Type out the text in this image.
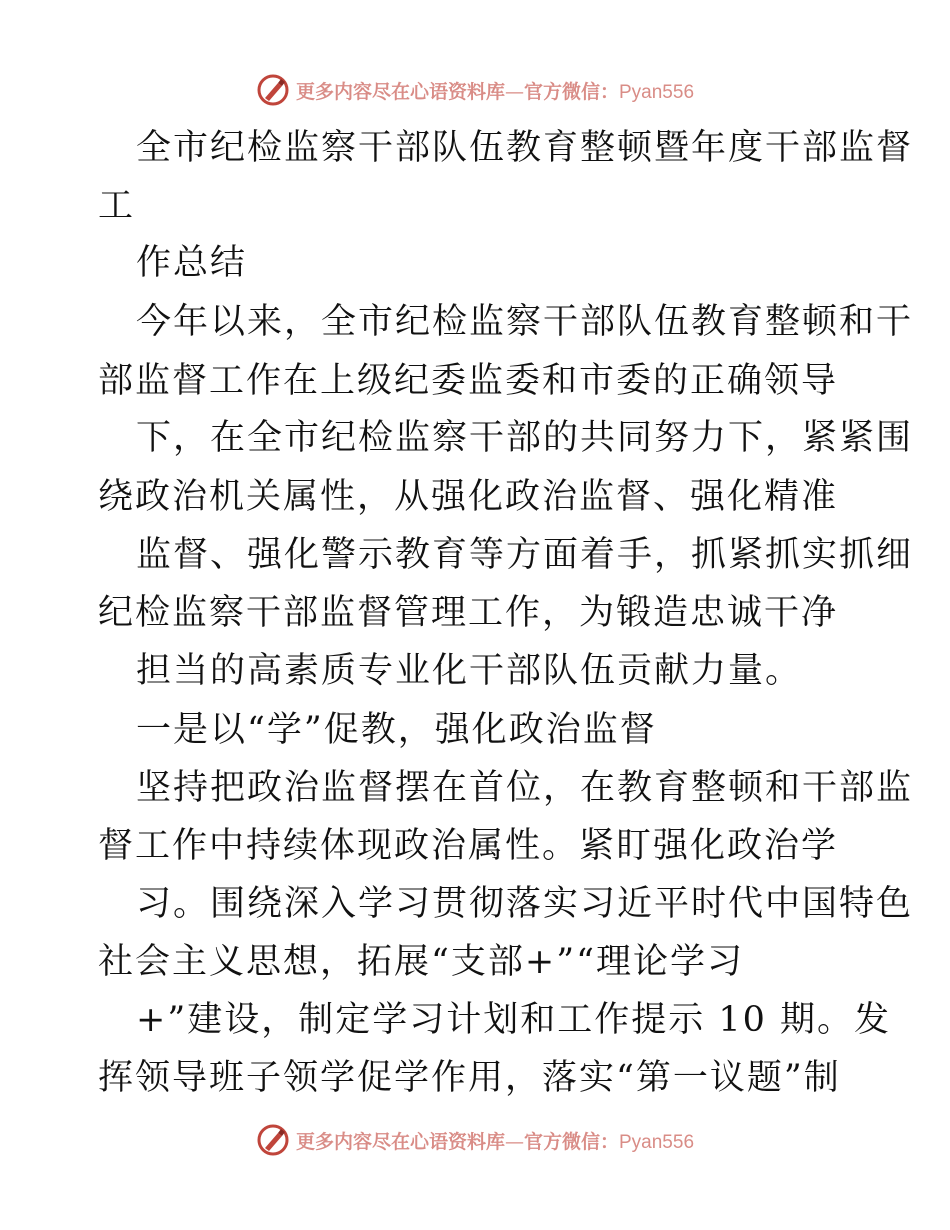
更多内容尽在心语资料库—官方微信：Pyan556
全市纪检监察干部队伍教育整顿暨年度干部监督
工
作总结
今年以来，全市纪检监察干部队伍教育整顿和干
部监督工作在上级纪委监委和市委的正确领导
下，在全市纪检监察干部的共同努力下，紧紧围
绕政治机关属性，从强化政治监督、强化精准
监督、强化警示教育等方面着手，抓紧抓实抓细
纪检监察干部监督管理工作，为锻造忠诚干净
担当的高素质专业化干部队伍贡献力量。
一是以“学”促教，强化政治监督
坚持把政治监督摆在首位，在教育整顿和干部监
督工作中持续体现政治属性。紧盯强化政治学
习。围绕深入学习贯彻落实习近平时代中国特色
社会主义思想，拓展“支部+”“理论学习
+”建设，制定学习计划和工作提示 10 期。发
挥领导班子领学促学作用，落实“第一议题”制
更多内容尽在心语资料库—官方微信：Pyan556
